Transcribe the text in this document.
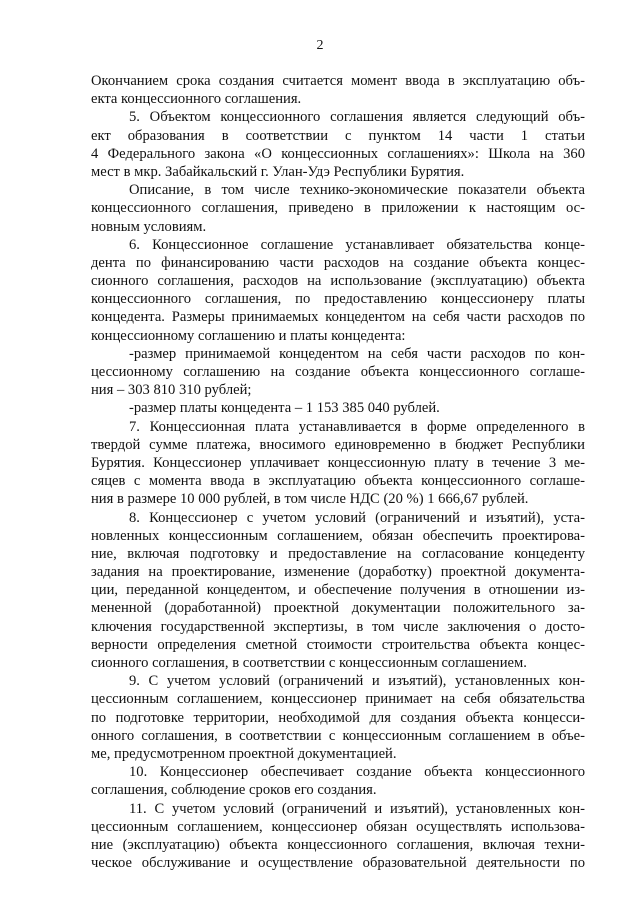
2
Окончанием срока создания считается момент ввода в эксплуатацию объ-
екта концессионного соглашения.
5. Объектом концессионного соглашения является следующий объ-
ект образования в соответствии с пунктом 14 части 1 статьи
4 Федерального закона «О концессионных соглашениях»: Школа на 360
мест в мкр. Забайкальский г. Улан-Удэ Республики Бурятия.
Описание, в том числе технико-экономические показатели объекта
концессионного соглашения, приведено в приложении к настоящим ос-
новным условиям.
6. Концессионное соглашение устанавливает обязательства конце-
дента по финансированию части расходов на создание объекта концес-
сионного соглашения, расходов на использование (эксплуатацию) объекта
концессионного соглашения, по предоставлению концессионеру платы
концедента. Размеры принимаемых концедентом на себя части расходов по
концессионному соглашению и платы концедента:
-размер принимаемой концедентом на себя части расходов по кон-
цессионному соглашению на создание объекта концессионного соглаше-
ния – 303 810 310 рублей;
-размер платы концедента – 1 153 385 040 рублей.
7. Концессионная плата устанавливается в форме определенного в
твердой сумме платежа, вносимого единовременно в бюджет Республики
Бурятия. Концессионер уплачивает концессионную плату в течение 3 ме-
сяцев с момента ввода в эксплуатацию объекта концессионного соглаше-
ния в размере 10 000 рублей, в том числе НДС (20 %) 1 666,67 рублей.
8. Концессионер с учетом условий (ограничений и изъятий), уста-
новленных концессионным соглашением, обязан обеспечить проектирова-
ние, включая подготовку и предоставление на согласование концеденту
задания на проектирование, изменение (доработку) проектной документа-
ции, переданной концедентом, и обеспечение получения в отношении из-
мененной (доработанной) проектной документации положительного за-
ключения государственной экспертизы, в том числе заключения о досто-
верности определения сметной стоимости строительства объекта концес-
сионного соглашения, в соответствии с концессионным соглашением.
9. С учетом условий (ограничений и изъятий), установленных кон-
цессионным соглашением, концессионер принимает на себя обязательства
по подготовке территории, необходимой для создания объекта концесси-
онного соглашения, в соответствии с концессионным соглашением в объе-
ме, предусмотренном проектной документацией.
10. Концессионер обеспечивает создание объекта концессионного
соглашения, соблюдение сроков его создания.
11. С учетом условий (ограничений и изъятий), установленных кон-
цессионным соглашением, концессионер обязан осуществлять использова-
ние (эксплуатацию) объекта концессионного соглашения, включая техни-
ческое обслуживание и осуществление образовательной деятельности по
